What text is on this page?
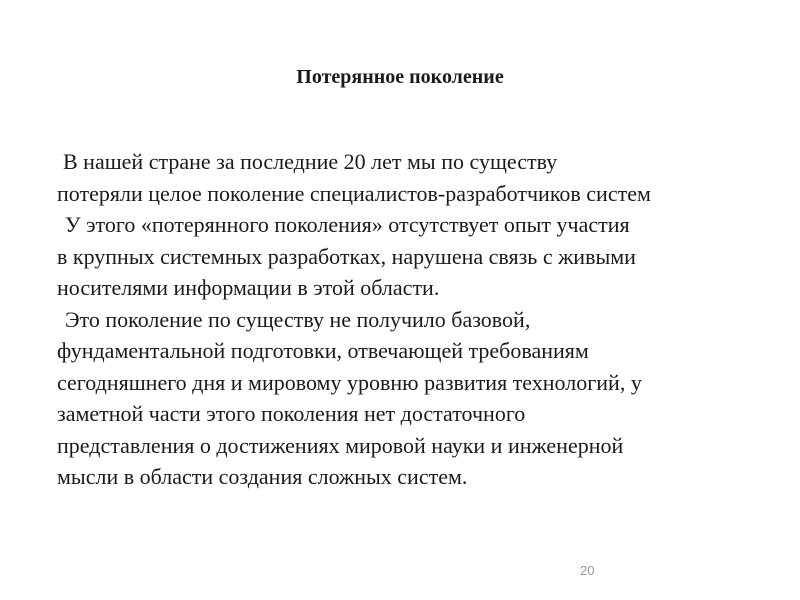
Потерянное поколение
В нашей стране за последние 20 лет мы по существу
потеряли целое поколение специалистов-разработчиков систем
У этого «потерянного поколения» отсутствует опыт участия
в крупных системных разработках, нарушена связь с живыми
носителями информации в этой области.
Это поколение по существу не получило базовой,
фундаментальной подготовки, отвечающей требованиям
сегодняшнего дня и мировому уровню развития технологий, у
заметной части этого поколения нет достаточного
представления о достижениях мировой науки и инженерной
мысли в области создания сложных систем.
20
